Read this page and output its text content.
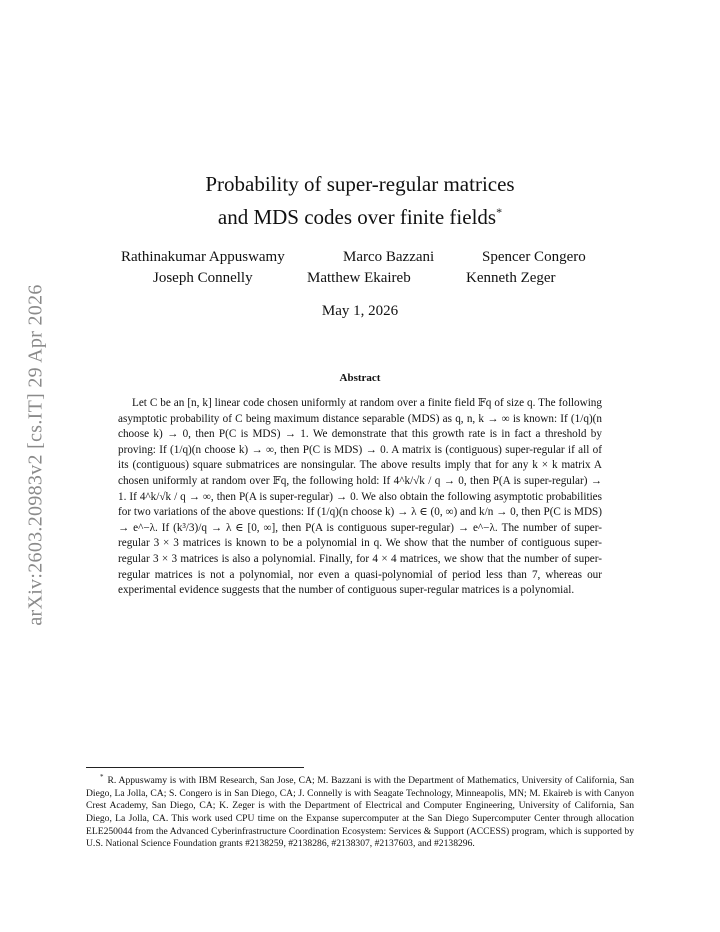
arXiv:2603.20983v2 [cs.IT] 29 Apr 2026
Probability of super-regular matrices
and MDS codes over finite fields*
Rathinakumar Appuswamy	Marco Bazzani	Spencer Congero
Joseph Connelly	Matthew Ekaireb	Kenneth Zeger
May 1, 2026
Abstract

Let C be an [n, k] linear code chosen uniformly at random over a finite field 𝔽q of size q. The following asymptotic probability of C being maximum distance separable (MDS) as q, n, k → ∞ is known: If (1/q)(n choose k) → 0, then P(C is MDS) → 1. We demonstrate that this growth rate is in fact a threshold by proving: If (1/q)(n choose k) → ∞, then P(C is MDS) → 0. A matrix is (contiguous) super-regular if all of its (contiguous) square submatrices are nonsingular. The above results imply that for any k × k matrix A chosen uniformly at random over 𝔽q, the following hold: If 4^k/√k / q → 0, then P(A is super-regular) → 1. If 4^k/√k / q → ∞, then P(A is super-regular) → 0. We also obtain the following asymptotic probabilities for two variations of the above questions: If (1/q)(n choose k) → λ ∈ (0, ∞) and k/n → 0, then P(C is MDS) → e^−λ. If (k³/3)/q → λ ∈ [0, ∞], then P(A is contiguous super-regular) → e^−λ. The number of super-regular 3 × 3 matrices is known to be a polynomial in q. We show that the number of contiguous super-regular 3 × 3 matrices is also a polynomial. Finally, for 4 × 4 matrices, we show that the number of super-regular matrices is not a polynomial, nor even a quasi-polynomial of period less than 7, whereas our experimental evidence suggests that the number of contiguous super-regular matrices is a polynomial.

* R. Appuswamy is with IBM Research, San Jose, CA; M. Bazzani is with the Department of Mathematics, University of California, San Diego, La Jolla, CA; S. Congero is in San Diego, CA; J. Connelly is with Seagate Technology, Minneapolis, MN; M. Ekaireb is with Canyon Crest Academy, San Diego, CA; K. Zeger is with the Department of Electrical and Computer Engineering, University of California, San Diego, La Jolla, CA. This work used CPU time on the Expanse supercomputer at the San Diego Supercomputer Center through allocation ELE250044 from the Advanced Cyberinfrastructure Coordination Ecosystem: Services & Support (ACCESS) program, which is supported by U.S. National Science Foundation grants #2138259, #2138286, #2138307, #2137603, and #2138296.
